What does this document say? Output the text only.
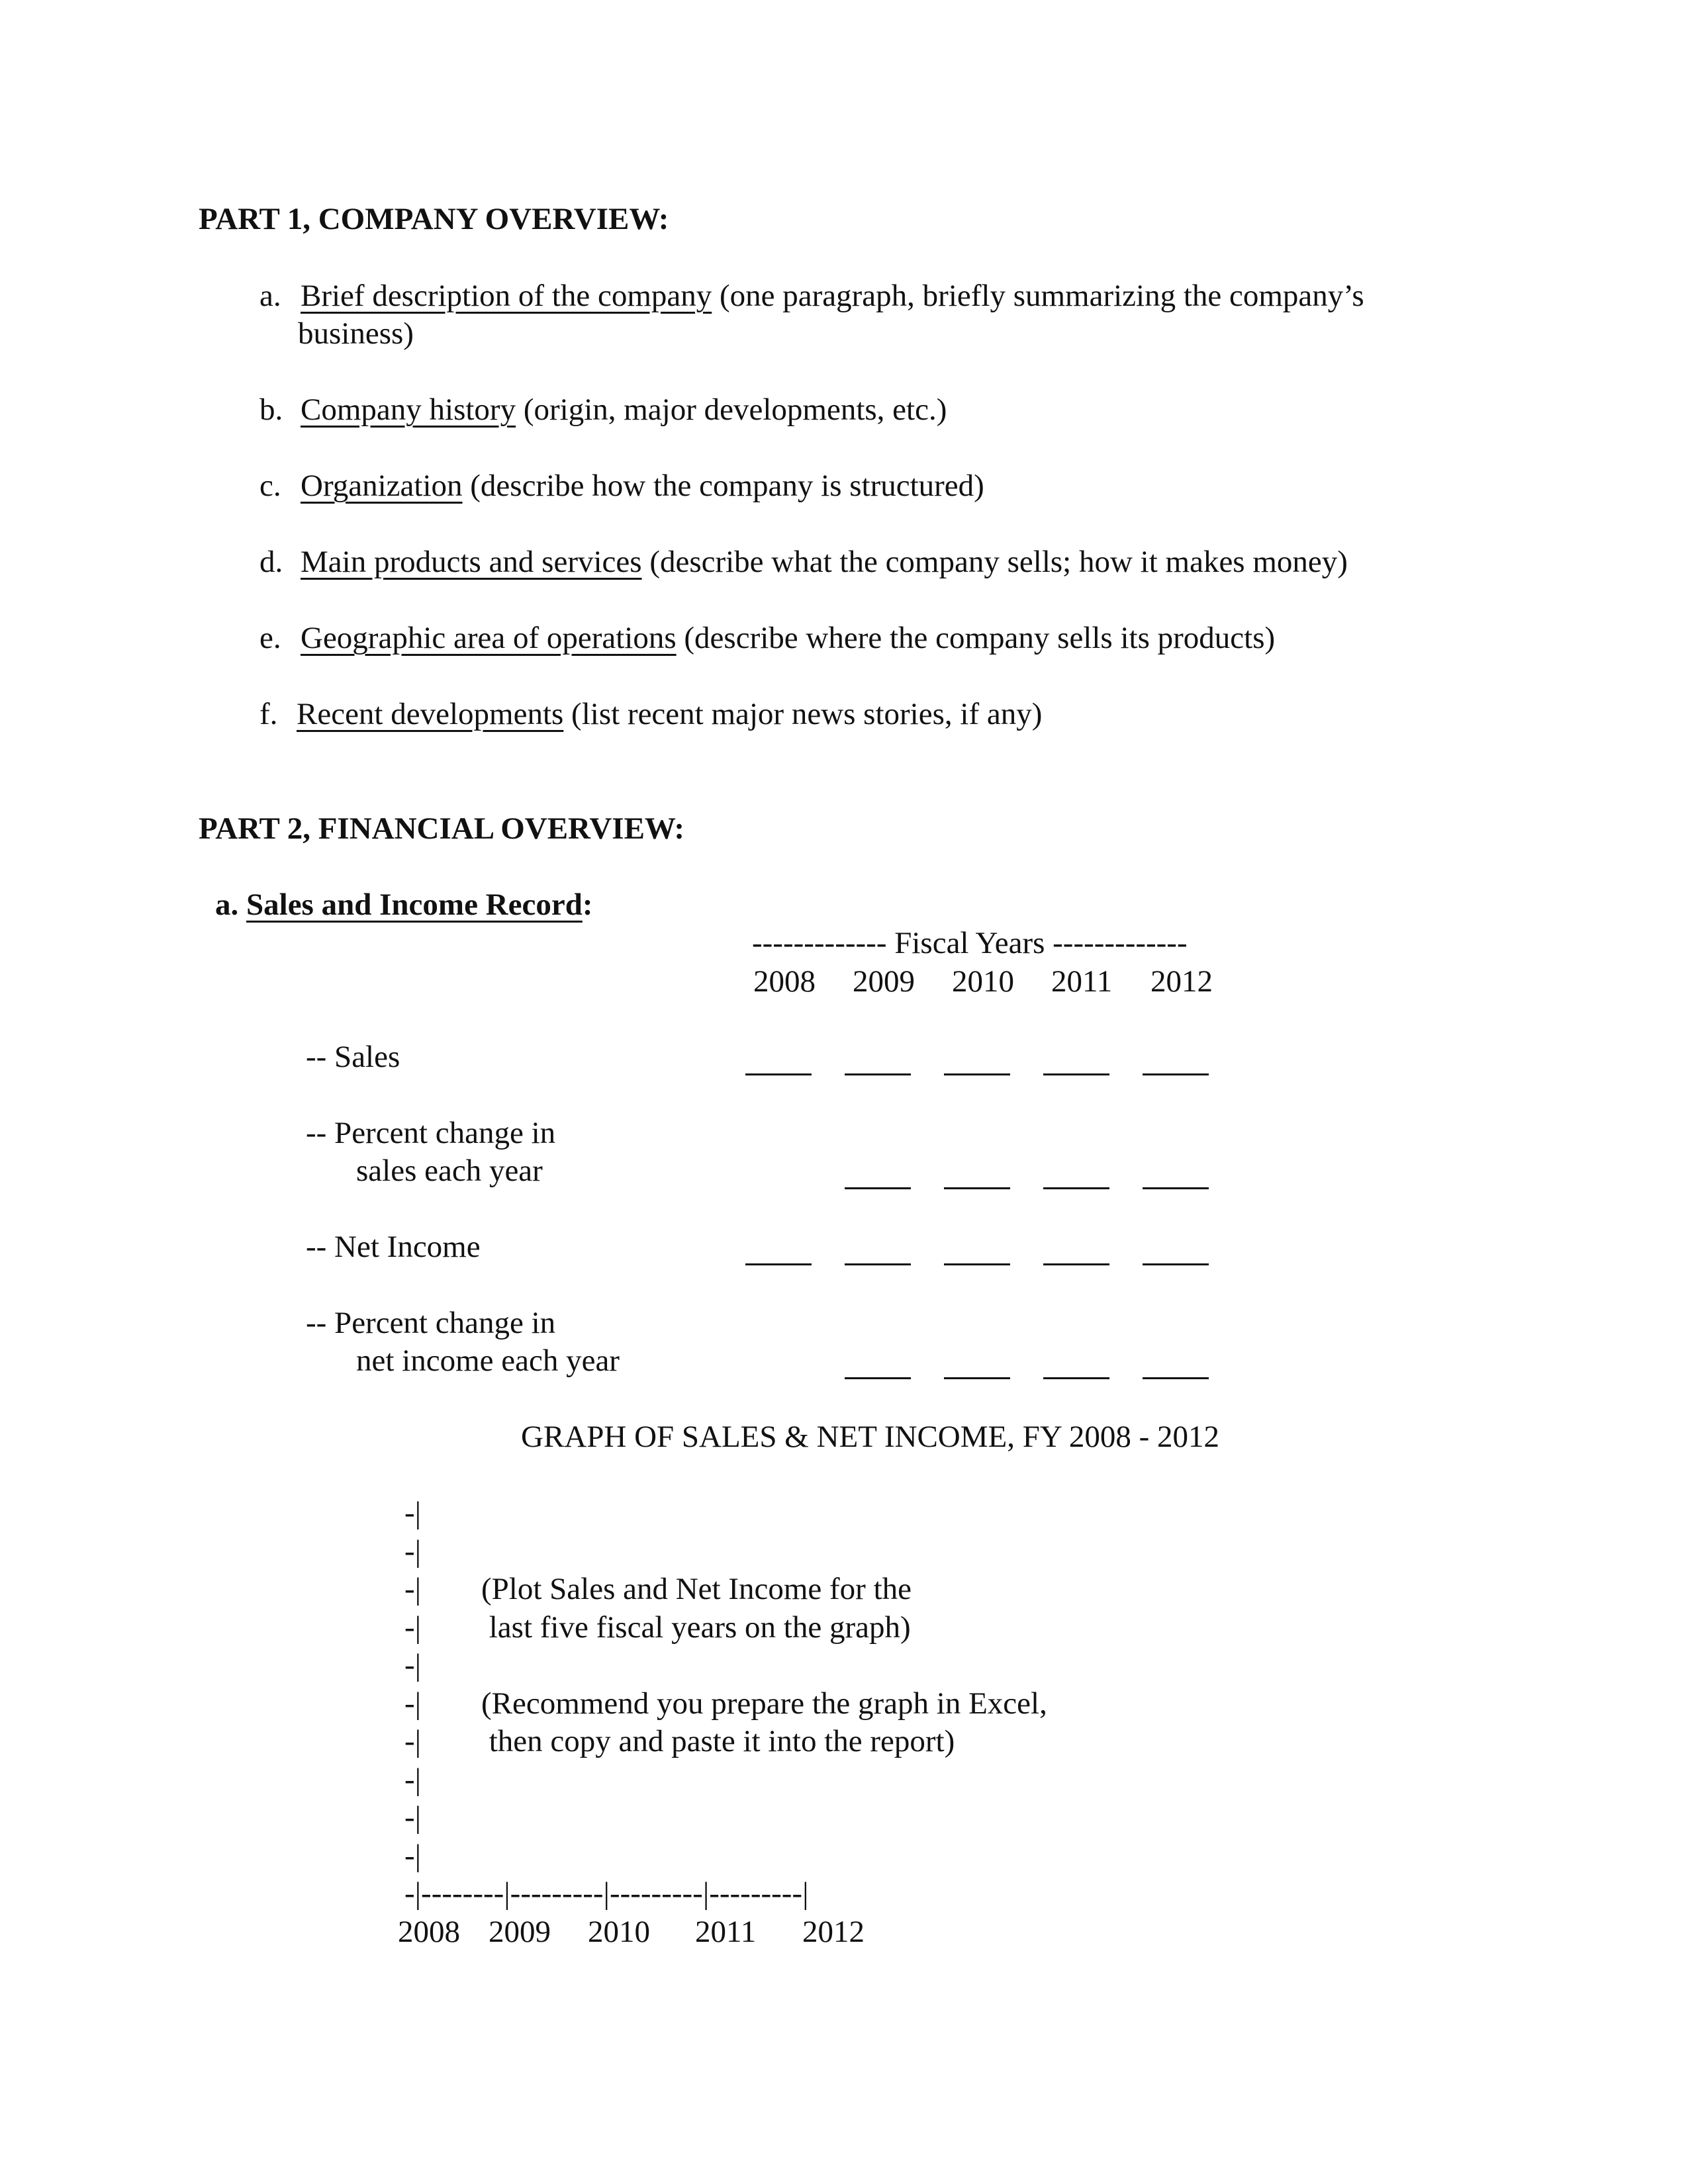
PART 1, COMPANY OVERVIEW:
a. Brief description of the company (one paragraph, briefly summarizing the company’s
business)
b. Company history (origin, major developments, etc.)
c. Organization (describe how the company is structured)
d. Main products and services (describe what the company sells; how it makes money)
e. Geographic area of operations (describe where the company sells its products)
f. Recent developments (list recent major news stories, if any)
PART 2, FINANCIAL OVERVIEW:
a. Sales and Income Record:
------------- Fiscal Years -------------
2008 2009 2010 2011 2012
-- Sales
-- Percent change in
sales each year
-- Net Income
-- Percent change in
net income each year
GRAPH OF SALES & NET INCOME, FY 2008 - 2012
-|
-|
-|
-|
-|
-|
-|
-|
-|
-|
(Plot Sales and Net Income for the
last five fiscal years on the graph)
(Recommend you prepare the graph in Excel,
then copy and paste it into the report)
-|--------|---------|---------|---------|
2008 2009 2010 2011 2012
